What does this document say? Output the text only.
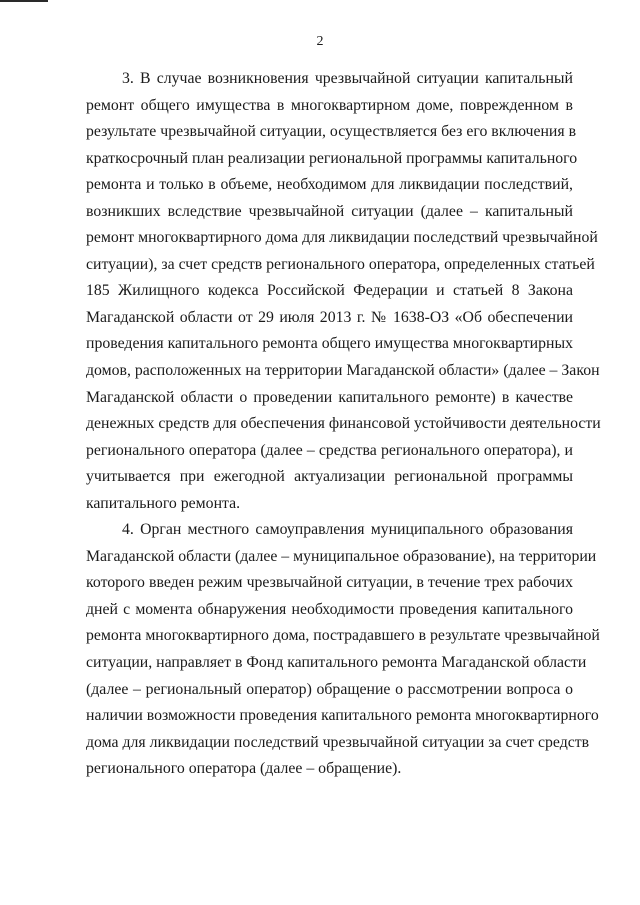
2

3. В случае возникновения чрезвычайной ситуации капитальный
ремонт общего имущества в многоквартирном доме, поврежденном в
результате чрезвычайной ситуации, осуществляется без его включения в
краткосрочный план реализации региональной программы капитального
ремонта и только в объеме, необходимом для ликвидации последствий,
возникших вследствие чрезвычайной ситуации (далее – капитальный
ремонт многоквартирного дома для ликвидации последствий чрезвычайной
ситуации), за счет средств регионального оператора, определенных статьей
185 Жилищного кодекса Российской Федерации и статьей 8 Закона
Магаданской области от 29 июля 2013 г. № 1638-ОЗ «Об обеспечении
проведения капитального ремонта общего имущества многоквартирных
домов, расположенных на территории Магаданской области» (далее – Закон
Магаданской области о проведении капитального ремонте) в качестве
денежных средств для обеспечения финансовой устойчивости деятельности
регионального оператора (далее – средства регионального оператора), и
учитывается при ежегодной актуализации региональной программы
капитального ремонта.

4. Орган местного самоуправления муниципального образования
Магаданской области (далее – муниципальное образование), на территории
которого введен режим чрезвычайной ситуации, в течение трех рабочих
дней с момента обнаружения необходимости проведения капитального
ремонта многоквартирного дома, пострадавшего в результате чрезвычайной
ситуации, направляет в Фонд капитального ремонта Магаданской области
(далее – региональный оператор) обращение о рассмотрении вопроса о
наличии возможности проведения капитального ремонта многоквартирного
дома для ликвидации последствий чрезвычайной ситуации за счет средств
регионального оператора (далее – обращение).
